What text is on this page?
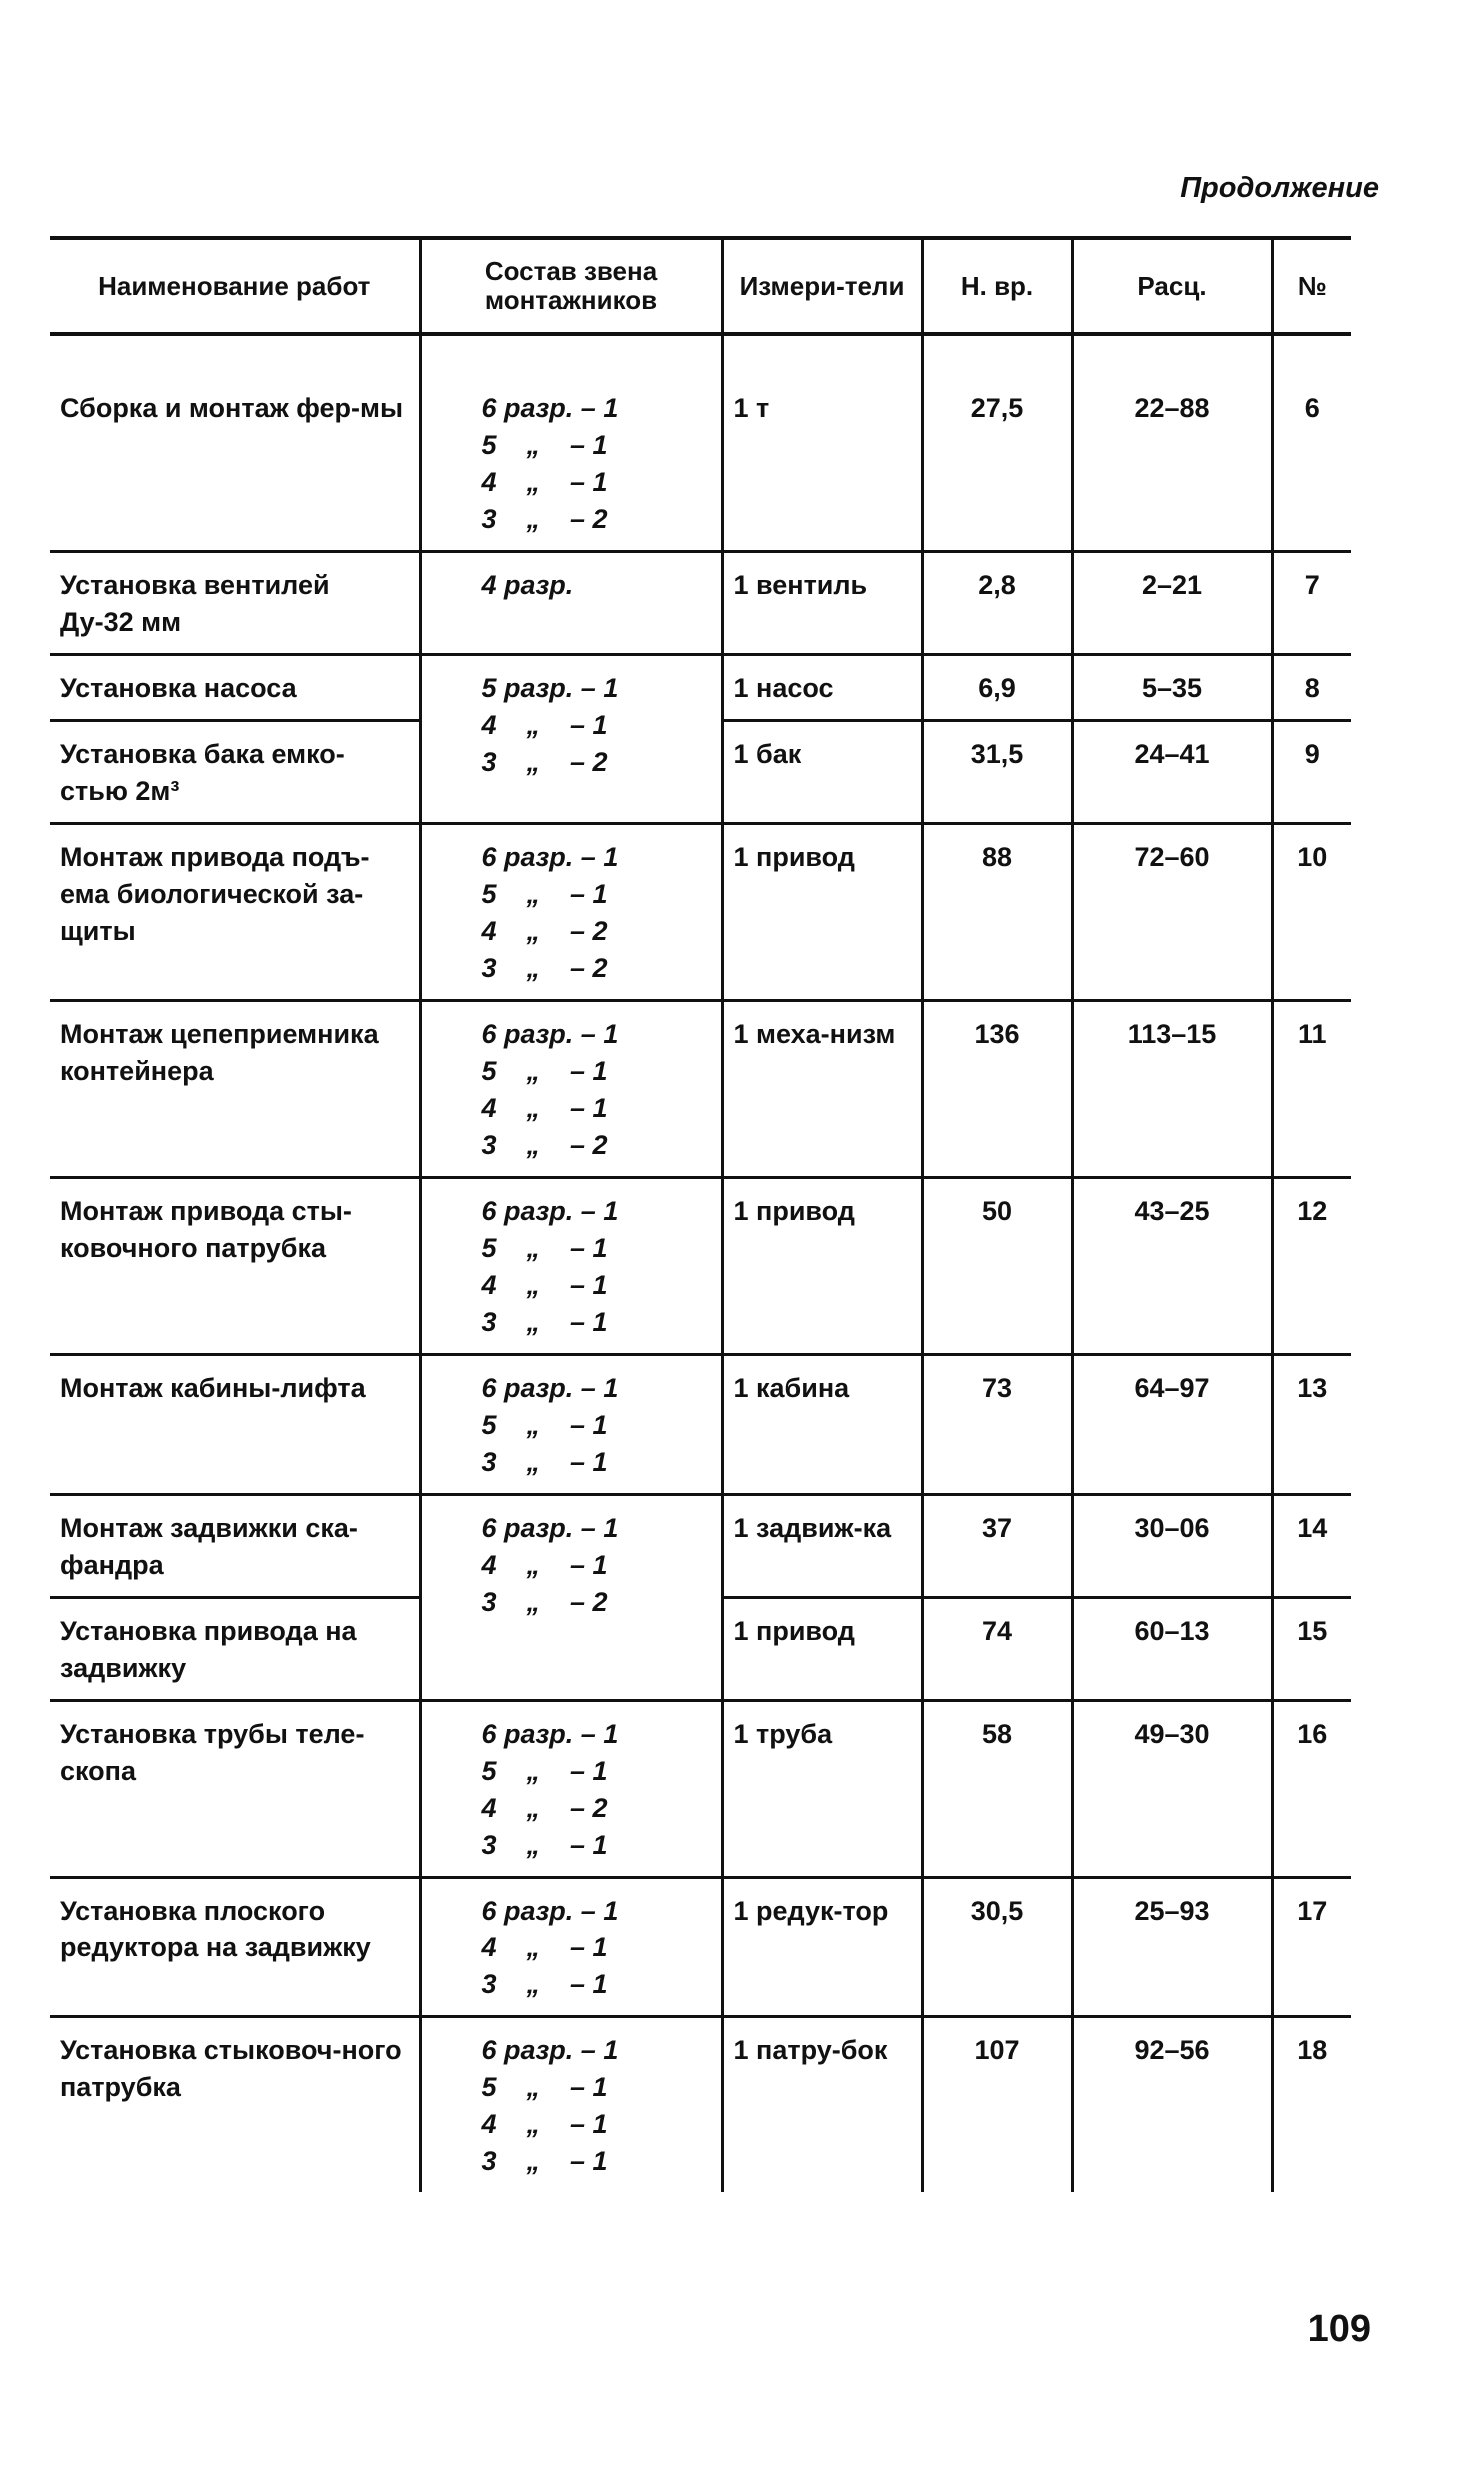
Продолжение
Наименование работ	Состав звена монтажников	Измери-тели	Н. вр.	Расц.	№
Сборка и монтаж фер-мы	6 разр. – 1
5    „    – 1
4    „    – 1
3    „    – 2	1 т	27,5	22–88	6
Установка вентилей Ду-32 мм	4 разр.	1 вентиль	2,8	2–21	7
Установка насоса	5 разр. – 1
4    „    – 1
3    „    – 2	1 насос	6,9	5–35	8
Установка бака емко-стью 2м³		1 бак	31,5	24–41	9
Монтаж привода подъ-ема биологической за-щиты	6 разр. – 1
5    „    – 1
4    „    – 2
3    „    – 2	1 привод	88	72–60	10
Монтаж цепеприемника контейнера	6 разр. – 1
5    „    – 1
4    „    – 1
3    „    – 2	1 меха-низм	136	113–15	11
Монтаж привода сты-ковочного патрубка	6 разр. – 1
5    „    – 1
4    „    – 1
3    „    – 1	1 привод	50	43–25	12
Монтаж кабины-лифта	6 разр. – 1
5    „    – 1
3    „    – 1	1 кабина	73	64–97	13
Монтаж задвижки ска-фандра	6 разр. – 1
4    „    – 1
3    „    – 2	1 задвиж-ка	37	30–06	14
Установка привода на задвижку		1 привод	74	60–13	15
Установка трубы теле-скопа	6 разр. – 1
5    „    – 1
4    „    – 2
3    „    – 1	1 труба	58	49–30	16
Установка плоского редуктора на задвижку	6 разр. – 1
4    „    – 1
3    „    – 1	1 редук-тор	30,5	25–93	17
Установка стыковоч-ного патрубка	6 разр. – 1
5    „    – 1
4    „    – 1
3    „    – 1	1 патру-бок	107	92–56	18
109
